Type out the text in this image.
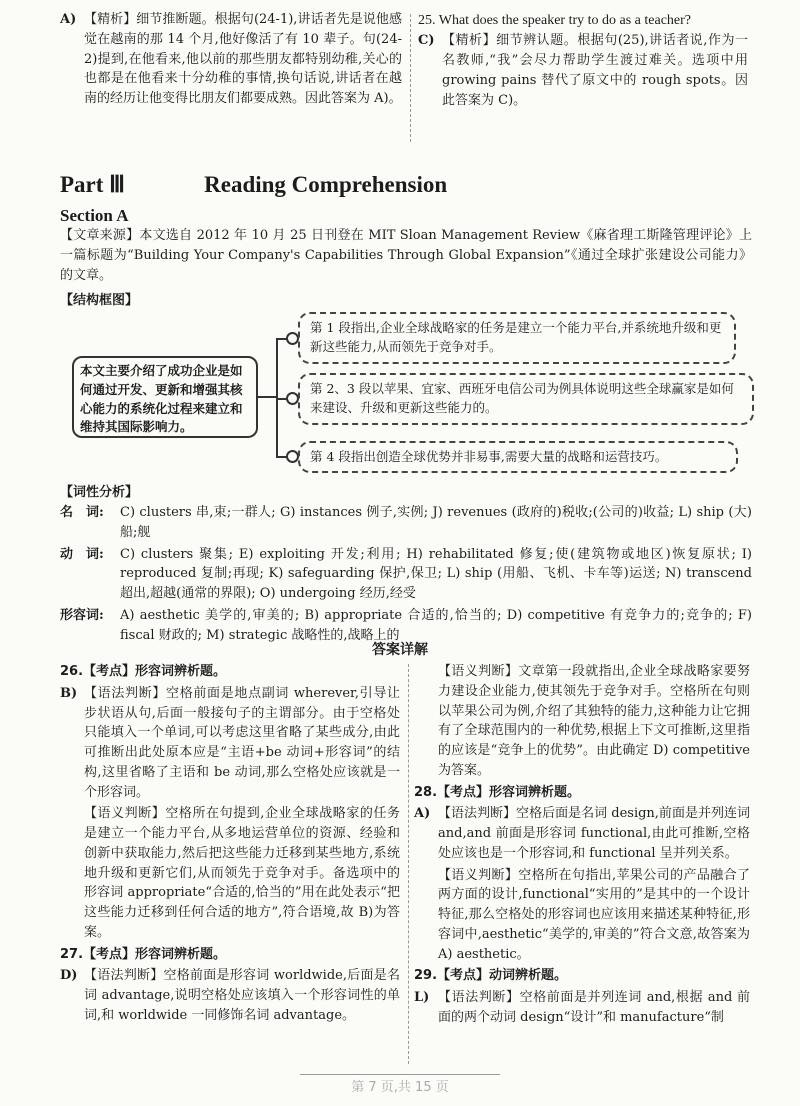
A) 【精析】细节推断题。根据句(24-1),讲话者先是说他感觉在越南的那 14 个月,他好像活了有 10 辈子。句(24-2)提到,在他看来,他以前的那些朋友都特别幼稚,关心的也都是在他看来十分幼稚的事情,换句话说,讲话者在越南的经历让他变得比朋友们都要成熟。因此答案为 A)。
25. What does the speaker try to do as a teacher?
C) 【精析】细节辨认题。根据句(25),讲话者说,作为一名教师,“我”会尽力帮助学生渡过难关。选项中用 growing pains 替代了原文中的 rough spots。因此答案为 C)。
Part Ⅲ	Reading Comprehension
Section A
【文章来源】本文选自 2012 年 10 月 25 日刊登在 MIT Sloan Management Review《麻省理工斯隆管理评论》上一篇标题为“Building Your Company's Capabilities Through Global Expansion”《通过全球扩张建设公司能力》的文章。
【结构框图】
本文主要介绍了成功企业是如何通过开发、更新和增强其核心能力的系统化过程来建立和维持其国际影响力。
第 1 段指出,企业全球战略家的任务是建立一个能力平台,并系统地升级和更新这些能力,从而领先于竞争对手。
第 2、3 段以苹果、宜家、西班牙电信公司为例具体说明这些全球赢家是如何来建设、升级和更新这些能力的。
第 4 段指出创造全球优势并非易事,需要大量的战略和运营技巧。
【词性分析】
名　词:	C) clusters 串,束;一群人; G) instances 例子,实例; J) revenues (政府的)税收;(公司的)收益; L) ship (大)船;舰
动　词:	C) clusters 聚集; E) exploiting 开发;利用; H) rehabilitated 修复;使(建筑物或地区)恢复原状; I) reproduced 复制;再现; K) safeguarding 保护,保卫; L) ship (用船、飞机、卡车等)运送; N) transcend 超出,超越(通常的界限); O) undergoing 经历,经受
形容词:	A) aesthetic 美学的,审美的; B) appropriate 合适的,恰当的; D) competitive 有竞争力的;竞争的; F) fiscal 财政的; M) strategic 战略性的,战略上的
答案详解
26.【考点】形容词辨析题。
B) 【语法判断】空格前面是地点副词 wherever,引导让步状语从句,后面一般接句子的主谓部分。由于空格处只能填入一个单词,可以考虑这里省略了某些成分,由此可推断出此处原本应是“主语+be 动词+形容词”的结构,这里省略了主语和 be 动词,那么空格处应该就是一个形容词。
【语义判断】空格所在句提到,企业全球战略家的任务是建立一个能力平台,从多地运营单位的资源、经验和创新中获取能力,然后把这些能力迁移到某些地方,系统地升级和更新它们,从而领先于竞争对手。备选项中的形容词 appropriate“合适的,恰当的”用在此处表示“把这些能力迁移到任何合适的地方”,符合语境,故 B)为答案。
27.【考点】形容词辨析题。
D) 【语法判断】空格前面是形容词 worldwide,后面是名词 advantage,说明空格处应该填入一个形容词性的单词,和 worldwide 一同修饰名词 advantage。
【语义判断】文章第一段就指出,企业全球战略家要努力建设企业能力,使其领先于竞争对手。空格所在句则以苹果公司为例,介绍了其独特的能力,这种能力让它拥有了全球范围内的一种优势,根据上下文可推断,这里指的应该是“竞争上的优势”。由此确定 D) competitive 为答案。
28.【考点】形容词辨析题。
A) 【语法判断】空格后面是名词 design,前面是并列连词 and,and 前面是形容词 functional,由此可推断,空格处应该也是一个形容词,和 functional 呈并列关系。
【语义判断】空格所在句指出,苹果公司的产品融合了两方面的设计,functional“实用的”是其中的一个设计特征,那么空格处的形容词也应该用来描述某种特征,形容词中,aesthetic“美学的,审美的”符合文意,故答案为 A) aesthetic。
29.【考点】动词辨析题。
L) 【语法判断】空格前面是并列连词 and,根据 and 前面的两个动词 design“设计”和 manufacture“制
第 7 页,共 15 页
